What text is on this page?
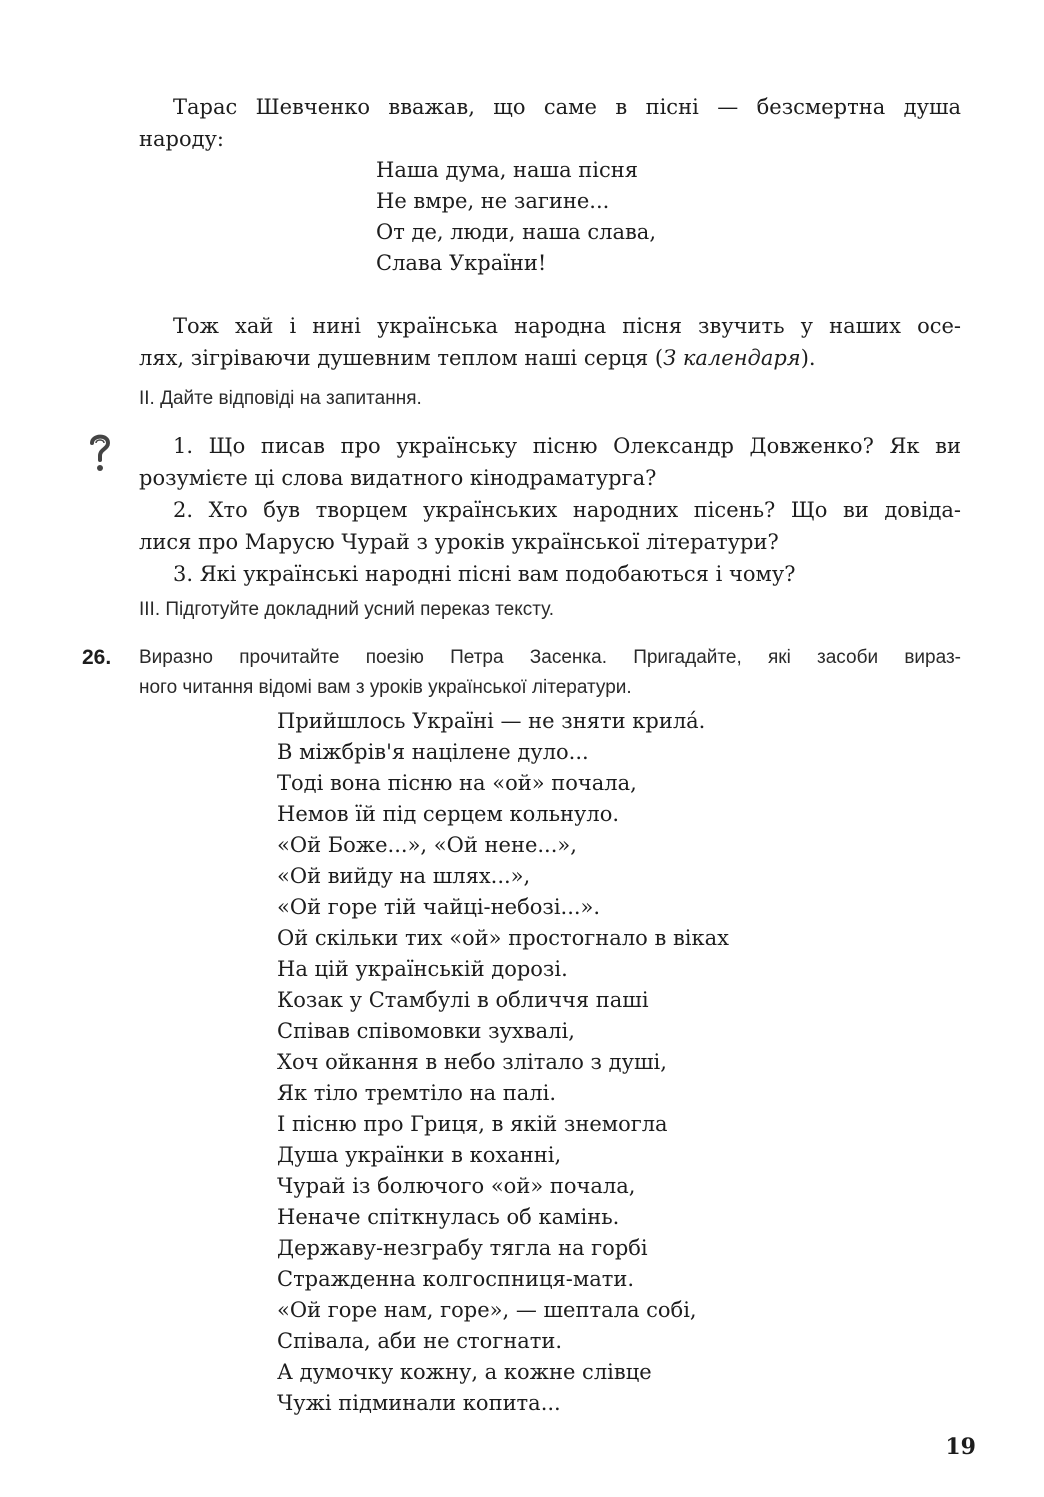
Тарас Шевченко вважав, що саме в пісні — безсмертна душа
народу:
Наша дума, наша пісня
Не вмре, не загине...
От де, люди, наша слава,
Слава України!
Тож хай і нині українська народна пісня звучить у наших осе-
лях, зігріваючи душевним теплом наші серця (З календаря).
ІІ. Дайте відповіді на запитання.
1. Що писав про українську пісню Олександр Довженко? Як ви
розумієте ці слова видатного кінодраматурга?
2. Хто був творцем українських народних пісень? Що ви довіда-
лися про Марусю Чурай з уроків української літератури?
3. Які українські народні пісні вам подобаються і чому?
ІІІ. Підготуйте докладний усний переказ тексту.
26. Виразно прочитайте поезію Петра Засенка. Пригадайте, які засоби вираз-
ного читання відомі вам з уроків української літератури.
Прийшлось Україні — не зняти крилá.
В міжбрів'я націлене дуло...
Тоді вона пісню на «ой» почала,
Немов їй під серцем кольнуло.
«Ой Боже...», «Ой нене...»,
«Ой вийду на шлях...»,
«Ой горе тій чайці-небозі...».
Ой скільки тих «ой» простогнало в віках
На цій українській дорозі.
Козак у Стамбулі в обличчя паші
Співав співомовки зухвалі,
Хоч ойкання в небо злітало з душі,
Як тіло тремтіло на палі.
І пісню про Гриця, в якій знемогла
Душа українки в коханні,
Чурай із болючого «ой» почала,
Неначе спіткнулась об камінь.
Державу-незграбу тягла на горбі
Стражденна колгоспниця-мати.
«Ой горе нам, горе», — шептала собі,
Співала, аби не стогнати.
А думочку кожну, а кожне слівце
Чужі підминали копита...
19
